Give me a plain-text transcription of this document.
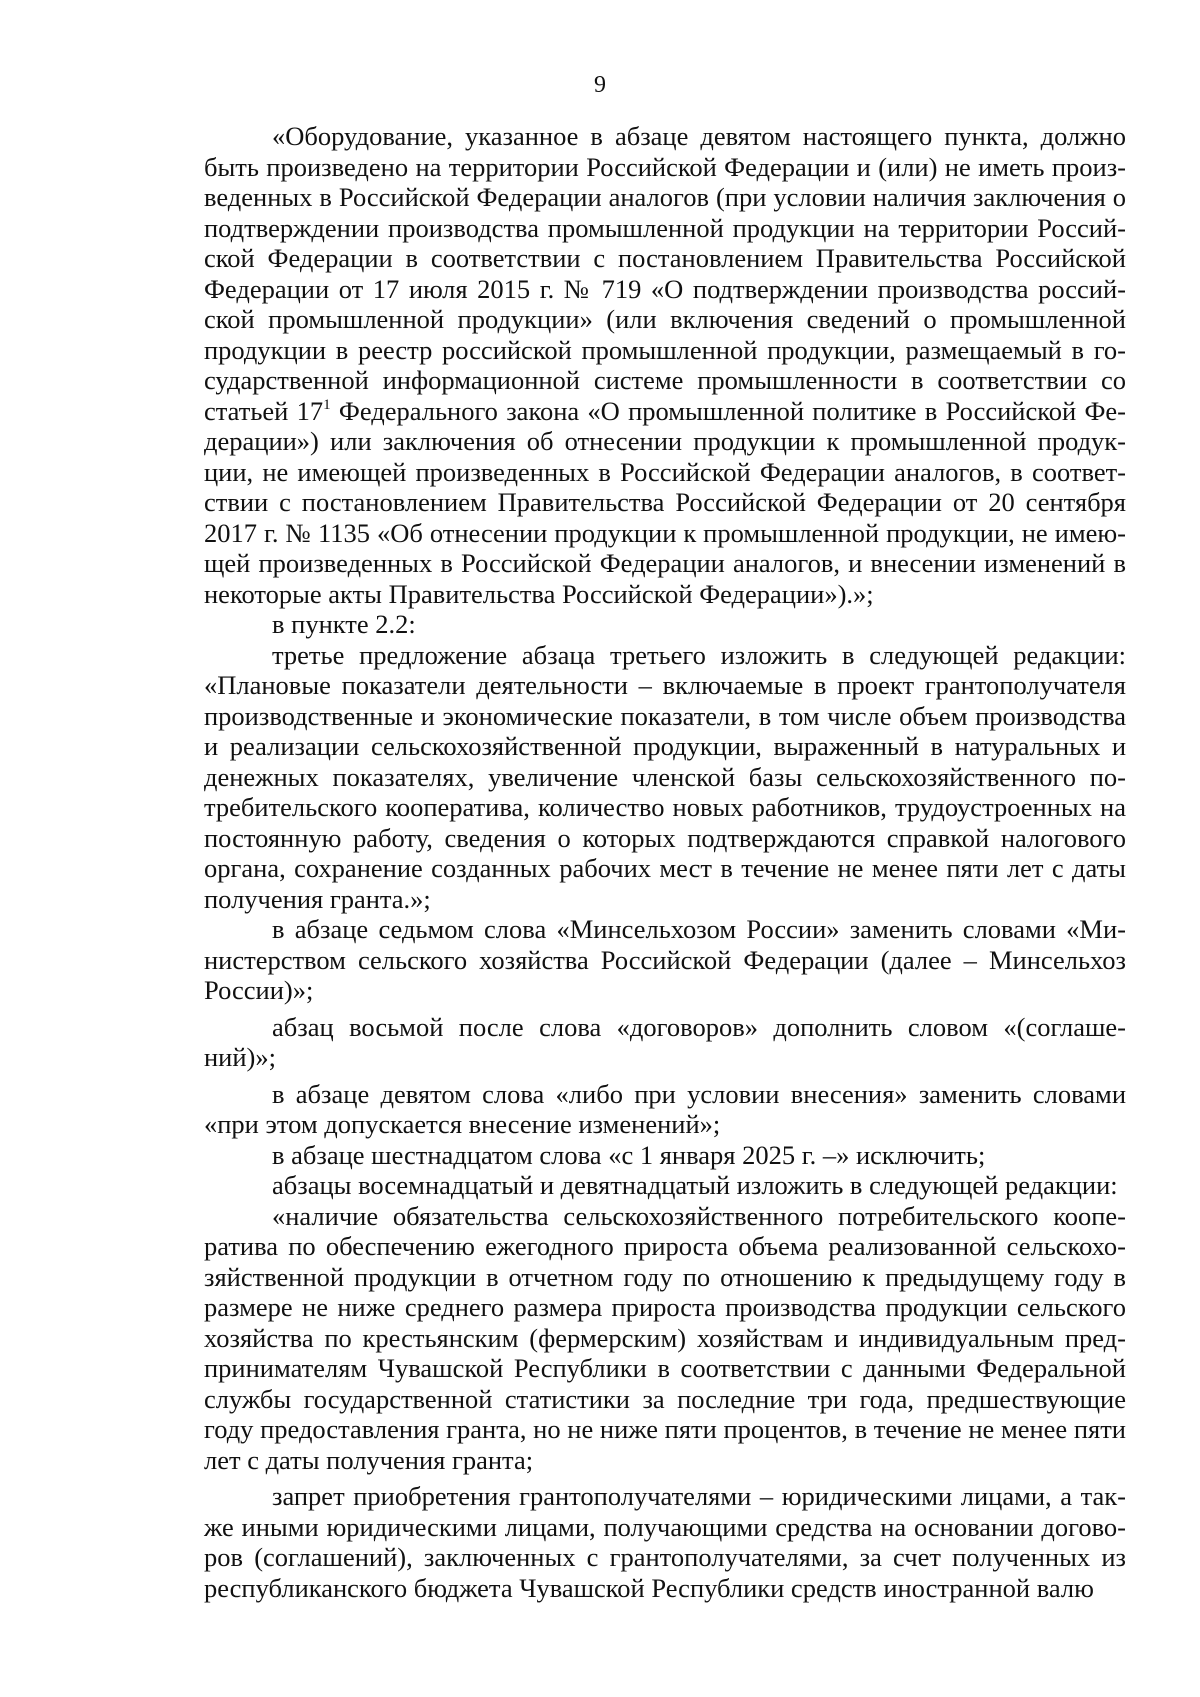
9

«Оборудование, указанное в абзаце девятом настоящего пункта, должно быть произведено на территории Российской Федерации и (или) не иметь произведенных в Российской Федерации аналогов (при условии наличия заключения о подтверждении производства промышленной продукции на территории Российской Федерации в соответствии с постановлением Правительства Российской Федерации от 17 июля 2015 г. № 719 «О подтверждении производства российской промышленной продукции» (или включения сведений о промышленной продукции в реестр российской промышленной продукции, размещаемый в государственной информационной системе промышленности в соответствии со статьей $17^1$ Федерального закона «О промышленной политике в Российской Федерации») или заключения об отнесении продукции к промышленной продукции, не имеющей произведенных в Российской Федерации аналогов, в соответствии с постановлением Правительства Российской Федерации от 20 сентября 2017 г. № 1135 «Об отнесении продукции к промышленной продукции, не имеющей произведенных в Российской Федерации аналогов, и внесении изменений в некоторые акты Правительства Российской Федерации»).»;

в пункте 2.2:

третье предложение абзаца третьего изложить в следующей редакции: «Плановые показатели деятельности – включаемые в проект грантополучателя производственные и экономические показатели, в том числе объем производства и реализации сельскохозяйственной продукции, выраженный в натуральных и денежных показателях, увеличение членской базы сельскохозяйственного потребительского кооператива, количество новых работников, трудоустроенных на постоянную работу, сведения о которых подтверждаются справкой налогового органа, сохранение созданных рабочих мест в течение не менее пяти лет с даты получения гранта.»;

в абзаце седьмом слова «Минсельхозом России» заменить словами «Министерством сельского хозяйства Российской Федерации (далее – Минсельхоз России)»;

абзац восьмой после слова «договоров» дополнить словом «(соглашений)»;

в абзаце девятом слова «либо при условии внесения» заменить словами «при этом допускается внесение изменений»;

в абзаце шестнадцатом слова «с 1 января 2025 г. –» исключить;

абзацы восемнадцатый и девятнадцатый изложить в следующей редакции:

«наличие обязательства сельскохозяйственного потребительского кооператива по обеспечению ежегодного прироста объема реализованной сельскохозяйственной продукции в отчетном году по отношению к предыдущему году в размере не ниже среднего размера прироста производства продукции сельского хозяйства по крестьянским (фермерским) хозяйствам и индивидуальным предпринимателям Чувашской Республики в соответствии с данными Федеральной службы государственной статистики за последние три года, предшествующие году предоставления гранта, но не ниже пяти процентов, в течение не менее пяти лет с даты получения гранта;

запрет приобретения грантополучателями – юридическими лицами, а также иными юридическими лицами, получающими средства на основании договоров (соглашений), заключенных с грантополучателями, за счет полученных из республиканского бюджета Чувашской Республики средств иностранной валю
